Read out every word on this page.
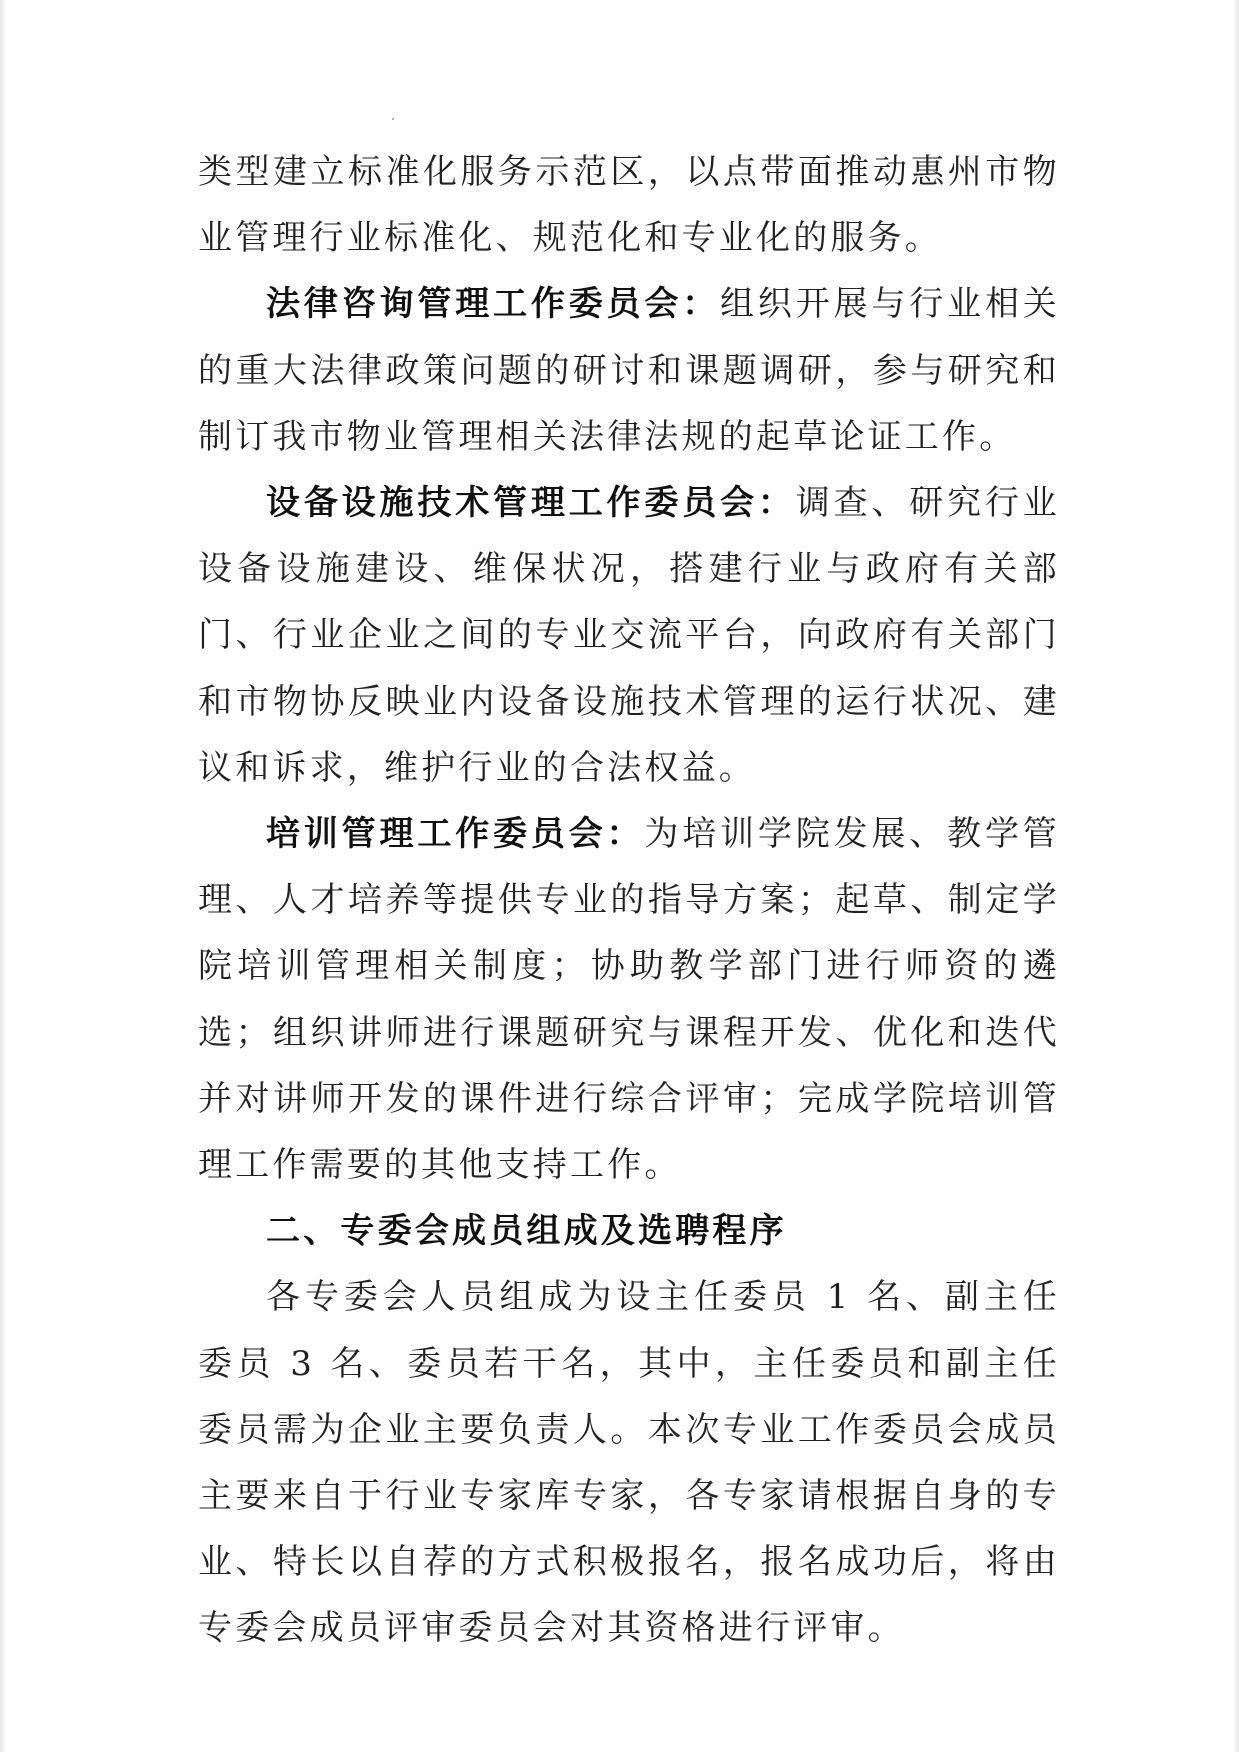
类型建立标准化服务示范区，以点带面推动惠州市物业管理行业标准化、规范化和专业化的服务。

法律咨询管理工作委员会：组织开展与行业相关的重大法律政策问题的研讨和课题调研，参与研究和制订我市物业管理相关法律法规的起草论证工作。

设备设施技术管理工作委员会：调查、研究行业设备设施建设、维保状况，搭建行业与政府有关部门、行业企业之间的专业交流平台，向政府有关部门和市物协反映业内设备设施技术管理的运行状况、建议和诉求，维护行业的合法权益。

培训管理工作委员会：为培训学院发展、教学管理、人才培养等提供专业的指导方案；起草、制定学院培训管理相关制度；协助教学部门进行师资的遴选；组织讲师进行课题研究与课程开发、优化和迭代并对讲师开发的课件进行综合评审；完成学院培训管理工作需要的其他支持工作。

二、专委会成员组成及选聘程序

各专委会人员组成为设主任委员 1 名、副主任委员 3 名、委员若干名，其中，主任委员和副主任委员需为企业主要负责人。本次专业工作委员会成员主要来自于行业专家库专家，各专家请根据自身的专业、特长以自荐的方式积极报名，报名成功后，将由专委会成员评审委员会对其资格进行评审。
